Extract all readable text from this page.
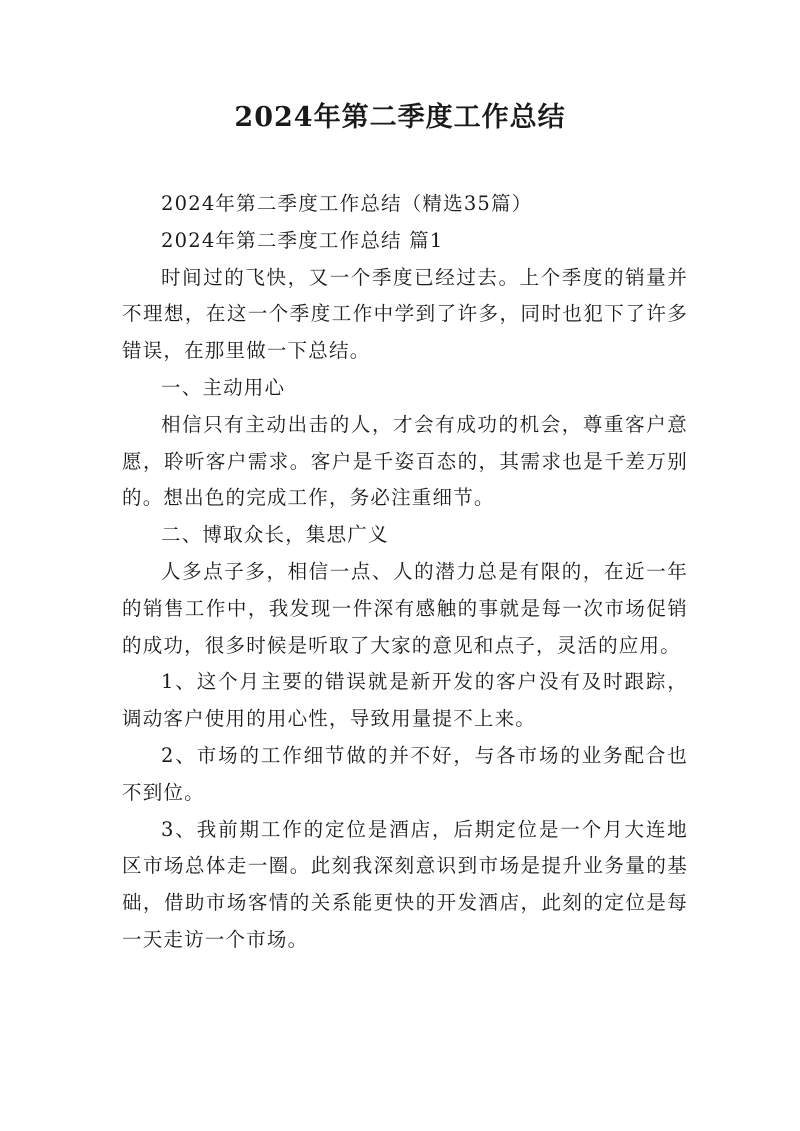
2024年第二季度工作总结

2024年第二季度工作总结（精选35篇）

2024年第二季度工作总结 篇1

时间过的飞快，又一个季度已经过去。上个季度的销量并不理想，在这一个季度工作中学到了许多，同时也犯下了许多错误，在那里做一下总结。

一、主动用心

相信只有主动出击的人，才会有成功的机会，尊重客户意愿，聆听客户需求。客户是千姿百态的，其需求也是千差万别的。想出色的完成工作，务必注重细节。

二、博取众长，集思广义

人多点子多，相信一点、人的潜力总是有限的，在近一年的销售工作中，我发现一件深有感触的事就是每一次市场促销的成功，很多时候是听取了大家的意见和点子，灵活的应用。

1、这个月主要的错误就是新开发的客户没有及时跟踪，调动客户使用的用心性，导致用量提不上来。

2、市场的工作细节做的并不好，与各市场的业务配合也不到位。

3、我前期工作的定位是酒店，后期定位是一个月大连地区市场总体走一圈。此刻我深刻意识到市场是提升业务量的基础，借助市场客情的关系能更快的开发酒店，此刻的定位是每一天走访一个市场。
